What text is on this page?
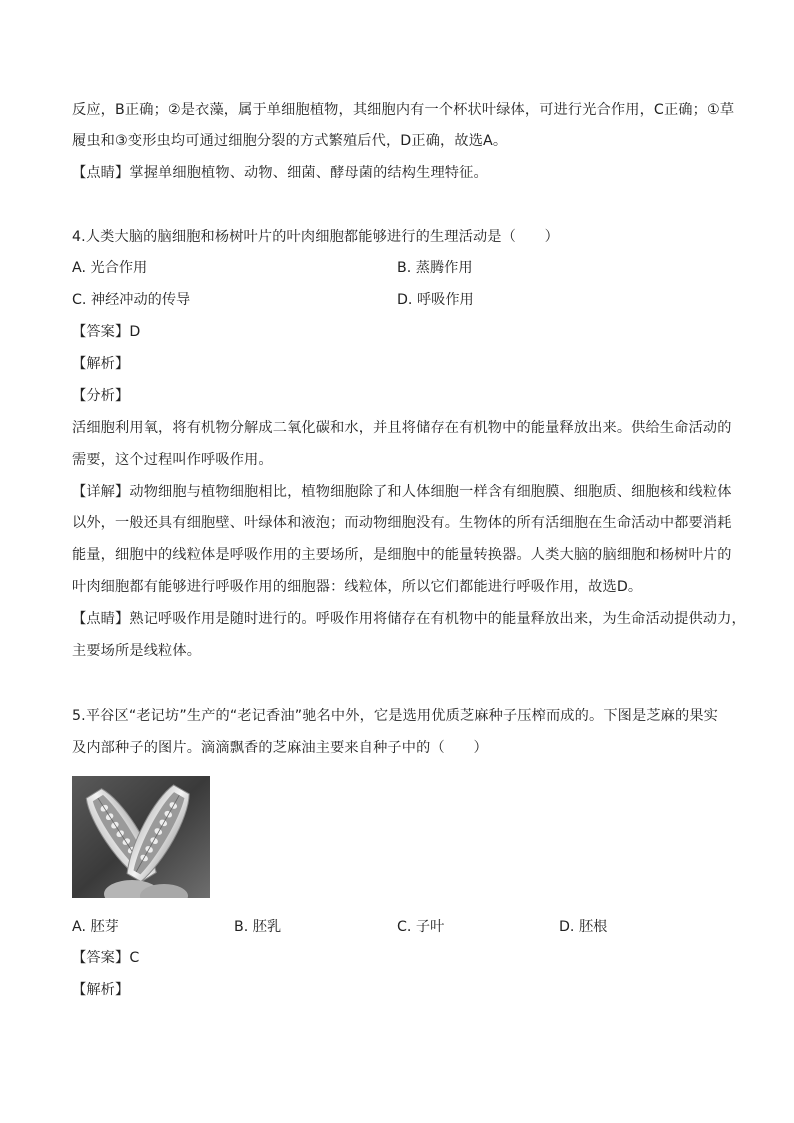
反应，B正确；②是衣藻，属于单细胞植物，其细胞内有一个杯状叶绿体，可进行光合作用，C正确；①草
履虫和③变形虫均可通过细胞分裂的方式繁殖后代，D正确，故选A。
【点睛】掌握单细胞植物、动物、细菌、酵母菌的结构生理特征。
4.人类大脑的脑细胞和杨树叶片的叶肉细胞都能够进行的生理活动是（　　）
A. 光合作用	B. 蒸腾作用
C. 神经冲动的传导	D. 呼吸作用
【答案】D
【解析】
【分析】
活细胞利用氧，将有机物分解成二氧化碳和水，并且将储存在有机物中的能量释放出来。供给生命活动的
需要，这个过程叫作呼吸作用。
【详解】动物细胞与植物细胞相比，植物细胞除了和人体细胞一样含有细胞膜、细胞质、细胞核和线粒体
以外，一般还具有细胞壁、叶绿体和液泡；而动物细胞没有。生物体的所有活细胞在生命活动中都要消耗
能量，细胞中的线粒体是呼吸作用的主要场所，是细胞中的能量转换器。人类大脑的脑细胞和杨树叶片的
叶肉细胞都有能够进行呼吸作用的细胞器：线粒体，所以它们都能进行呼吸作用，故选D。
【点睛】熟记呼吸作用是随时进行的。呼吸作用将储存在有机物中的能量释放出来，为生命活动提供动力，
主要场所是线粒体。
5.平谷区“老记坊”生产的“老记香油”驰名中外，它是选用优质芝麻种子压榨而成的。下图是芝麻的果实
及内部种子的图片。滴滴飘香的芝麻油主要来自种子中的（　　）
A. 胚芽	B. 胚乳	C. 子叶	D. 胚根
【答案】C
【解析】
